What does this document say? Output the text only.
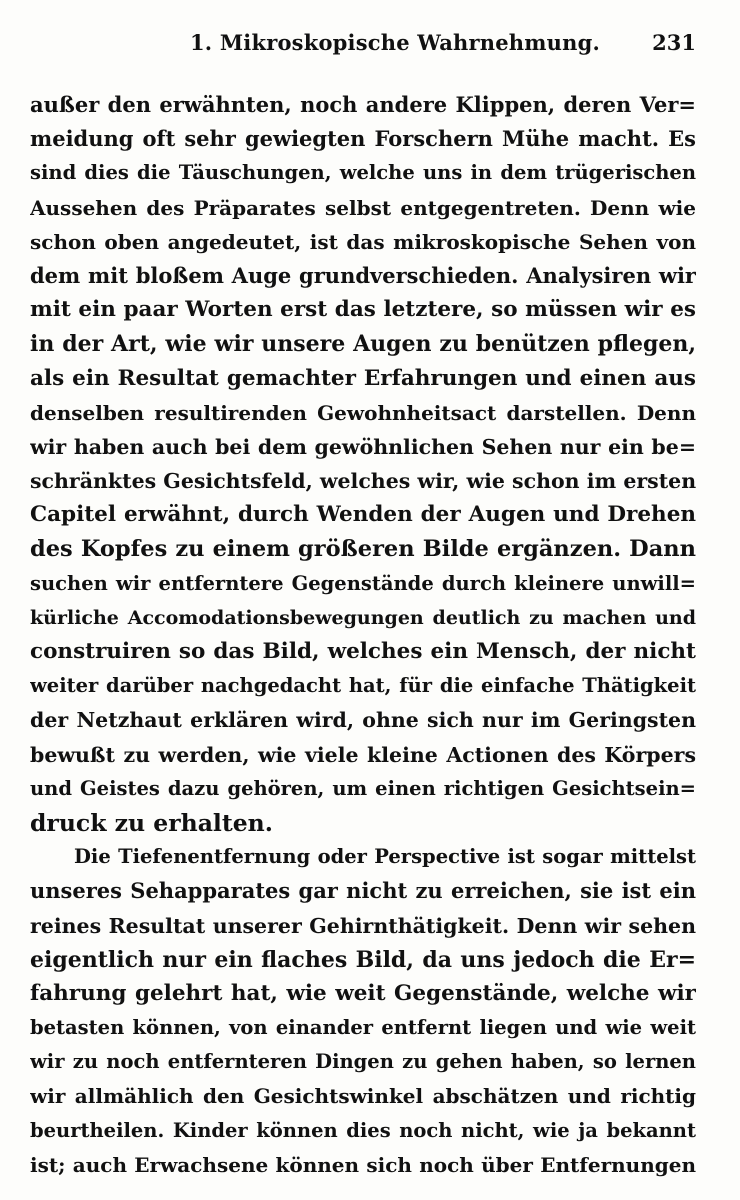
1. Mikroskopische Wahrnehmung. 231
außer den erwähnten, noch andere Klippen, deren Ver=
meidung oft sehr gewiegten Forschern Mühe macht. Es
sind dies die Täuschungen, welche uns in dem trügerischen
Aussehen des Präparates selbst entgegentreten. Denn wie
schon oben angedeutet, ist das mikroskopische Sehen von
dem mit bloßem Auge grundverschieden. Analysiren wir
mit ein paar Worten erst das letztere, so müssen wir es
in der Art, wie wir unsere Augen zu benützen pflegen,
als ein Resultat gemachter Erfahrungen und einen aus
denselben resultirenden Gewohnheitsact darstellen. Denn
wir haben auch bei dem gewöhnlichen Sehen nur ein be=
schränktes Gesichtsfeld, welches wir, wie schon im ersten
Capitel erwähnt, durch Wenden der Augen und Drehen
des Kopfes zu einem größeren Bilde ergänzen. Dann
suchen wir entferntere Gegenstände durch kleinere unwill=
kürliche Accomodationsbewegungen deutlich zu machen und
construiren so das Bild, welches ein Mensch, der nicht
weiter darüber nachgedacht hat, für die einfache Thätigkeit
der Netzhaut erklären wird, ohne sich nur im Geringsten
bewußt zu werden, wie viele kleine Actionen des Körpers
und Geistes dazu gehören, um einen richtigen Gesichtsein=
druck zu erhalten.
Die Tiefenentfernung oder Perspective ist sogar mittelst
unseres Sehapparates gar nicht zu erreichen, sie ist ein
reines Resultat unserer Gehirnthätigkeit. Denn wir sehen
eigentlich nur ein flaches Bild, da uns jedoch die Er=
fahrung gelehrt hat, wie weit Gegenstände, welche wir
betasten können, von einander entfernt liegen und wie weit
wir zu noch entfernteren Dingen zu gehen haben, so lernen
wir allmählich den Gesichtswinkel abschätzen und richtig
beurtheilen. Kinder können dies noch nicht, wie ja bekannt
ist; auch Erwachsene können sich noch über Entfernungen
